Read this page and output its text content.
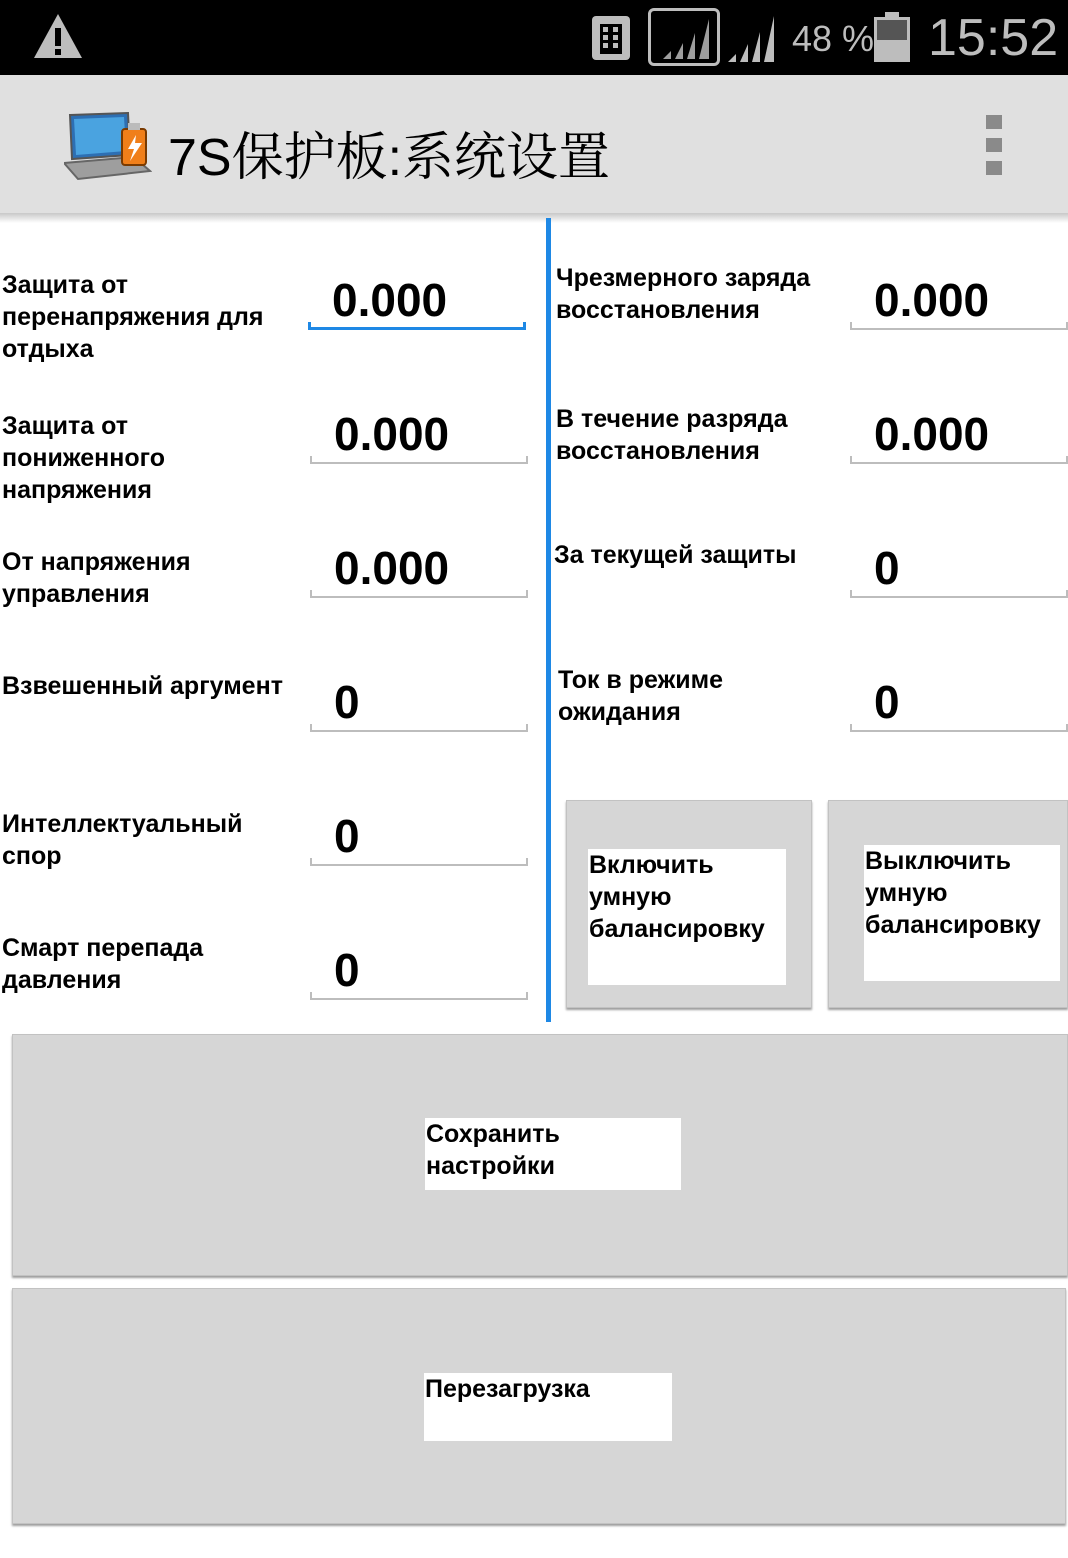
48 % 15:52
7S保护板:系统设置
Защита от
перенапряжения для
отдыха
0.000
Защита от
пониженного
напряжения
0.000
От напряжения
управления	0.000
Взвешенный аргумент 0
Интеллектуальный
спор	0
Смарт перепада
давления	0
Чрезмерного заряда
восстановления	0.000
В течение разряда
восстановления	0.000
За текущей защиты 0
Ток в режиме
ожидания	0
Включить
умную
балансировку
Выключить
умную
балансировку
Сохранить
настройки
Перезагрузка
